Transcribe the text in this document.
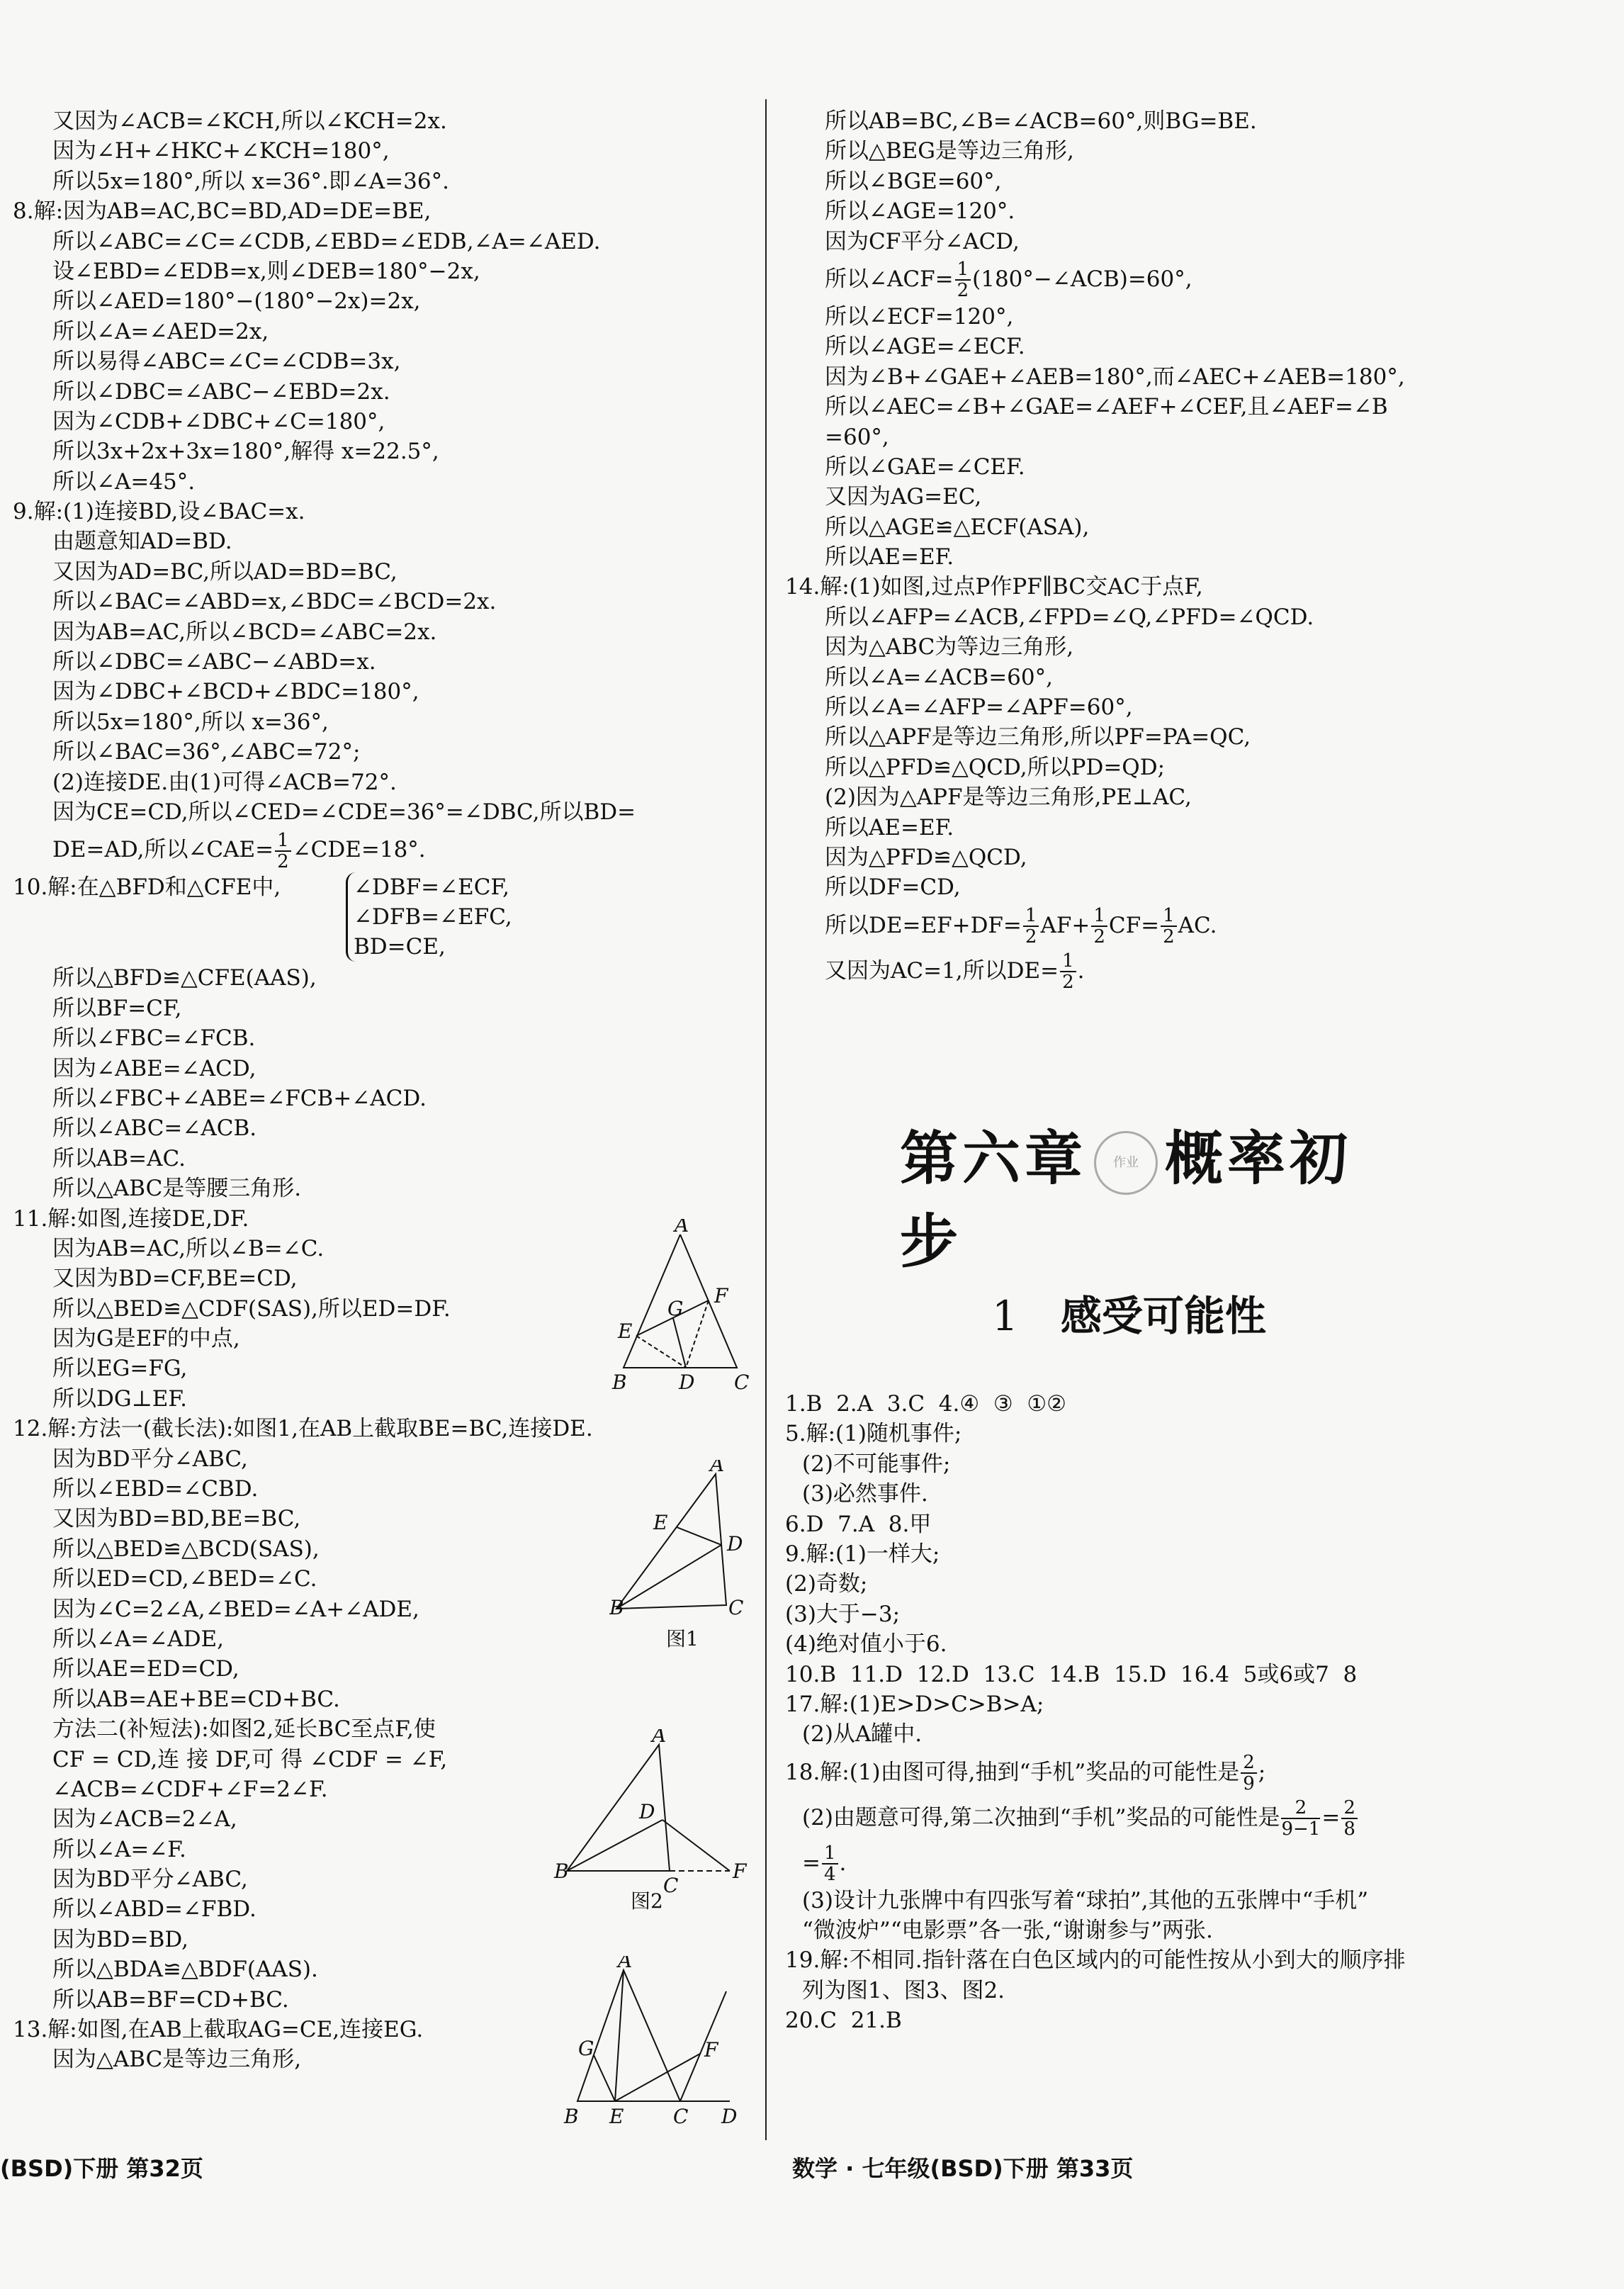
又因为∠ACB=∠KCH,所以∠KCH=2x.
因为∠H+∠HKC+∠KCH=180°,
所以5x=180°,所以 x=36°.即∠A=36°.
8.解:因为AB=AC,BC=BD,AD=DE=BE,
所以∠ABC=∠C=∠CDB,∠EBD=∠EDB,∠A=∠AED.
设∠EBD=∠EDB=x,则∠DEB=180°−2x,
所以∠AED=180°−(180°−2x)=2x,
所以∠A=∠AED=2x,
所以易得∠ABC=∠C=∠CDB=3x,
所以∠DBC=∠ABC−∠EBD=2x.
因为∠CDB+∠DBC+∠C=180°,
所以3x+2x+3x=180°,解得 x=22.5°,
所以∠A=45°.
9.解:(1)连接BD,设∠BAC=x.
由题意知AD=BD.
又因为AD=BC,所以AD=BD=BC,
所以∠BAC=∠ABD=x,∠BDC=∠BCD=2x.
因为AB=AC,所以∠BCD=∠ABC=2x.
所以∠DBC=∠ABC−∠ABD=x.
因为∠DBC+∠BCD+∠BDC=180°,
所以5x=180°,所以 x=36°,
所以∠BAC=36°,∠ABC=72°;
(2)连接DE.由(1)可得∠ACB=72°.
因为CE=CD,所以∠CED=∠CDE=36°=∠DBC,所以BD=
DE=AD,所以∠CAE= $\frac{1}{2}$ ∠CDE=18°.
10.解:在△BFD和△CFE中,	∠DBF=∠ECF,
∠DFB=∠EFC,
BD=CE,
所以△BFD≌△CFE(AAS),
所以BF=CF,
所以∠FBC=∠FCB.
因为∠ABE=∠ACD,
所以∠FBC+∠ABE=∠FCB+∠ACD.
所以∠ABC=∠ACB.
所以AB=AC.
所以△ABC是等腰三角形.
11.解:如图,连接DE,DF.
因为AB=AC,所以∠B=∠C.
又因为BD=CF,BE=CD,
所以△BED≌△CDF(SAS),所以ED=DF.
因为G是EF的中点,
所以EG=FG,
所以DG⊥EF.
12.解:方法一(截长法):如图1,在AB上截取BE=BC,连接DE.
因为BD平分∠ABC,
所以∠EBD=∠CBD.
又因为BD=BD,BE=BC,
所以△BED≌△BCD(SAS),
所以ED=CD,∠BED=∠C.
因为∠C=2∠A,∠BED=∠A+∠ADE,
所以∠A=∠ADE,
所以AE=ED=CD,
所以AB=AE+BE=CD+BC.
方法二(补短法):如图2,延长BC至点F,使
CF = CD,连 接 DF,可 得 ∠CDF = ∠F,
∠ACB=∠CDF+∠F=2∠F.
因为∠ACB=2∠A,
所以∠A=∠F.
因为BD平分∠ABC,
所以∠ABD=∠FBD.
因为BD=BD,
所以△BDA≌△BDF(AAS).
所以AB=BF=CD+BC.
13.解:如图,在AB上截取AG=CE,连接EG.
因为△ABC是等边三角形,
所以AB=BC,∠B=∠ACB=60°,则BG=BE.
所以△BEG是等边三角形,
所以∠BGE=60°,
所以∠AGE=120°.
因为CF平分∠ACD,
所以∠ACF= $\frac{1}{2}$ (180°−∠ACB)=60°,
所以∠ECF=120°,
所以∠AGE=∠ECF.
因为∠B+∠GAE+∠AEB=180°,而∠AEC+∠AEB=180°,
所以∠AEC=∠B+∠GAE=∠AEF+∠CEF,且∠AEF=∠B
=60°,
所以∠GAE=∠CEF.
又因为AG=EC,
所以△AGE≌△ECF(ASA),
所以AE=EF.
14.解:(1)如图,过点P作PF∥BC交AC于点F,
所以∠AFP=∠ACB,∠FPD=∠Q,∠PFD=∠QCD.
因为△ABC为等边三角形,
所以∠A=∠ACB=60°,
所以∠A=∠AFP=∠APF=60°,
所以△APF是等边三角形,所以PF=PA=QC,
所以△PFD≌△QCD,所以PD=QD;
(2)因为△APF是等边三角形,PE⊥AC,
所以AE=EF.
因为△PFD≌△QCD,
所以DF=CD,
所以$DE=EF+DF= \frac{1}{2} AF+ \frac{1}{2} CF= \frac{1}{2}$ AC.
又因为AC=1,所以$DE= \frac{1}{2}$ .
第六章 作业 概率初步
1 感受可能性
1.B  2.A  3.C  4.④  ③  ①②
5.解:(1)随机事件;
(2)不可能事件;
(3)必然事件.
6.D  7.A  8.甲
9.解:(1)一样大;
(2)奇数;
(3)大于−3;
(4)绝对值小于6.
10.B  11.D  12.D  13.C  14.B  15.D  16.4  5或6或7  8
17.解:(1)E>D>C>B>A;
(2)从A罐中.
18.解:(1)由图可得,抽到“手机”奖品的可能性是 $\frac{2}{9}$ ;
(2)由题意可得,第二次抽到“手机”奖品的可能性是 $\frac{2}{9-1} = \frac{2}{8}$
= $\frac{1}{4}$ .
(3)设计九张牌中有四张写着“球拍”,其他的五张牌中“手机”
“微波炉”“电影票”各一张,“谢谢参与”两张.
19.解:不相同.指针落在白色区域内的可能性按从小到大的顺序排
列为图1、图3、图2.
20.C  21.B
(BSD)下册 第32页	数学 · 七年级(BSD)下册 第33页
A
G
F
E
B	D C
A
E
D
B	C
图1
A
D
B
C
F
图2
A
G	F
B E C D
